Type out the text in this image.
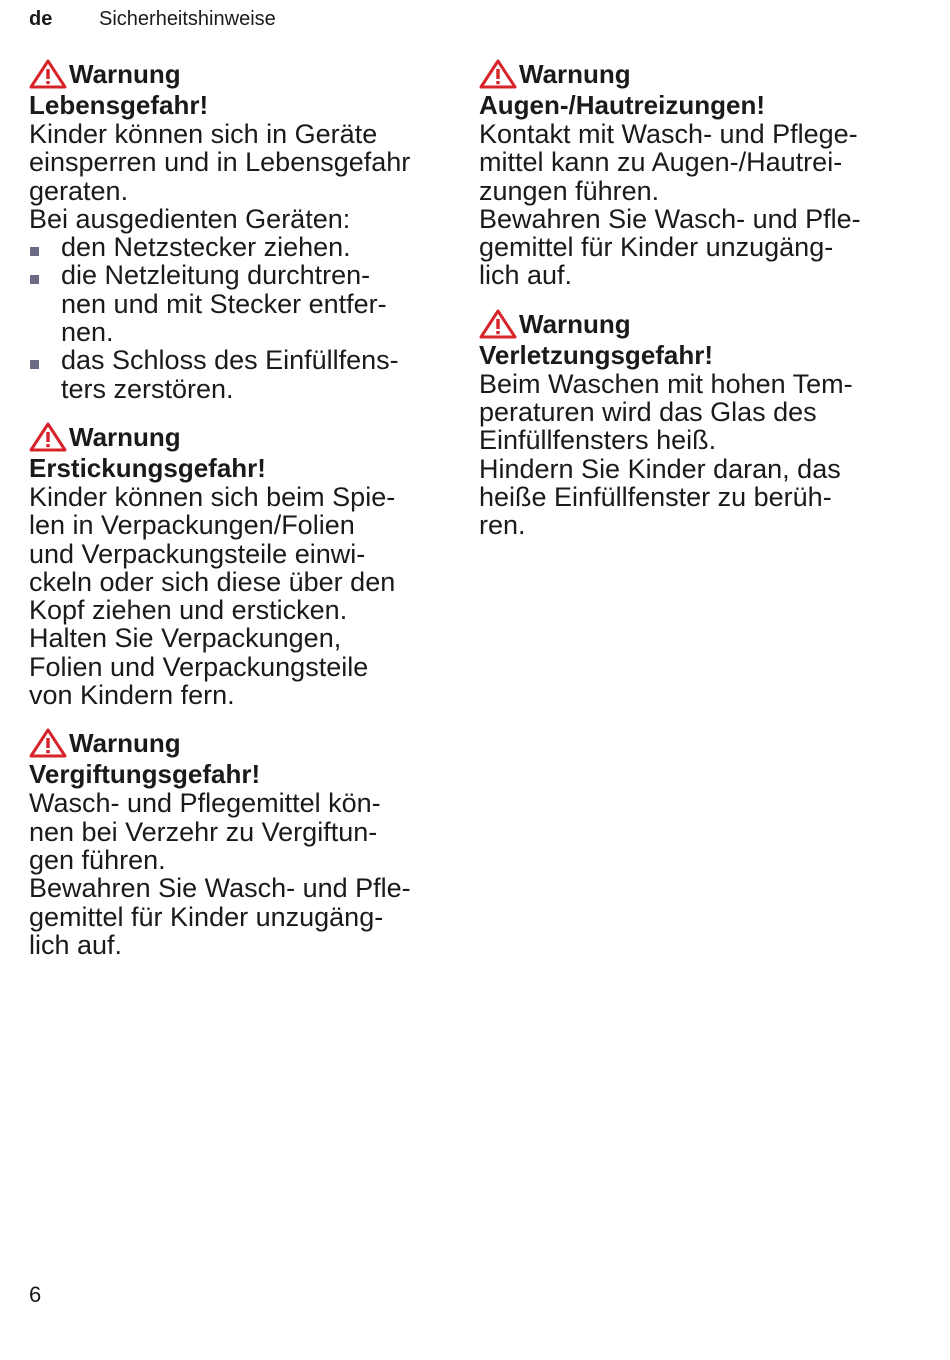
de	Sicherheitshinweise
Warnung
Lebensgefahr!
Kinder können sich in Geräte
einsperren und in Lebensgefahr
geraten.
Bei ausgedienten Geräten:
den Netzstecker ziehen.
die Netzleitung durchtren-
nen und mit Stecker entfer-
nen.
das Schloss des Einfüllfens-
ters zerstören.
Warnung
Erstickungsgefahr!
Kinder können sich beim Spie-
len in Verpackungen/Folien
und Verpackungsteile einwi-
ckeln oder sich diese über den
Kopf ziehen und ersticken.
Halten Sie Verpackungen,
Folien und Verpackungsteile
von Kindern fern.
Warnung
Vergiftungsgefahr!
Wasch- und Pflegemittel kön-
nen bei Verzehr zu Vergiftun-
gen führen.
Bewahren Sie Wasch- und Pfle-
gemittel für Kinder unzugäng-
lich auf.
Warnung
Augen-/Hautreizungen!
Kontakt mit Wasch- und Pflege-
mittel kann zu Augen-/Hautrei-
zungen führen.
Bewahren Sie Wasch- und Pfle-
gemittel für Kinder unzugäng-
lich auf.
Warnung
Verletzungsgefahr!
Beim Waschen mit hohen Tem-
peraturen wird das Glas des
Einfüllfensters heiß.
Hindern Sie Kinder daran, das
heiße Einfüllfenster zu berüh-
ren.
6
